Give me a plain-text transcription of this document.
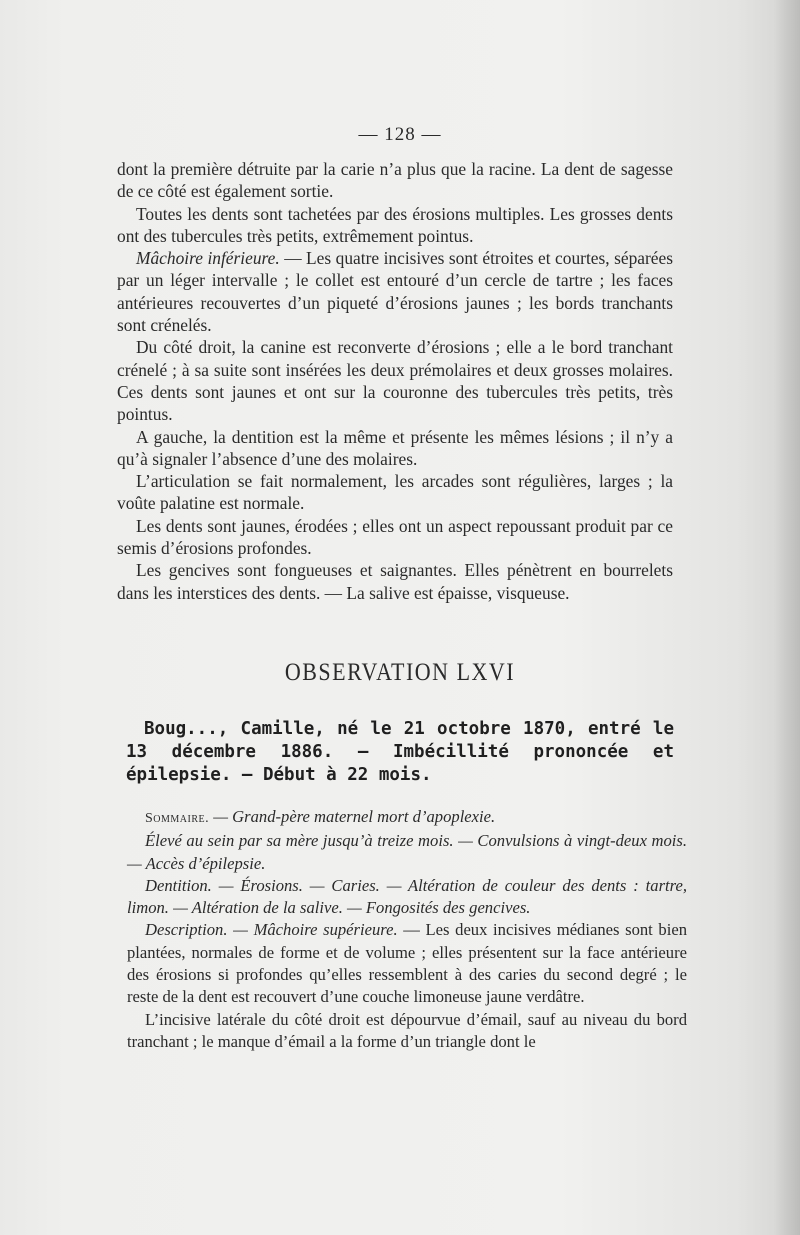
— 128 —

dont la première détruite par la carie n’a plus que la racine. La dent de sagesse de ce côté est également sortie.

Toutes les dents sont tachetées par des érosions multiples. Les grosses dents ont des tubercules très petits, extrêmement pointus.

Mâchoire inférieure. — Les quatre incisives sont étroites et courtes, séparées par un léger intervalle ; le collet est entouré d’un cercle de tartre ; les faces antérieures recouvertes d’un piqueté d’érosions jaunes ; les bords tranchants sont crénelés.

Du côté droit, la canine est reconverte d’érosions ; elle a le bord tranchant crénelé ; à sa suite sont insérées les deux prémolaires et deux grosses molaires. Ces dents sont jaunes et ont sur la couronne des tubercules très petits, très pointus.

A gauche, la dentition est la même et présente les mêmes lésions ; il n’y a qu’à signaler l’absence d’une des molaires.

L’articulation se fait normalement, les arcades sont régulières, larges ; la voûte palatine est normale.

Les dents sont jaunes, érodées ; elles ont un aspect repoussant produit par ce semis d’érosions profondes.

Les gencives sont fongueuses et saignantes. Elles pénètrent en bourrelets dans les interstices des dents. — La salive est épaisse, visqueuse.

OBSERVATION LXVI
Boug..., Camille, né le 21 octobre 1870, entré le 13 décembre 1886. — Imbécillité prononcée et épilepsie. — Début à 22 mois.

Sommaire. — Grand-père maternel mort d’apoplexie.

Élevé au sein par sa mère jusqu’à treize mois. — Convulsions à vingt-deux mois. — Accès d’épilepsie.

Dentition. — Érosions. — Caries. — Altération de couleur des dents : tartre, limon. — Altération de la salive. — Fongosités des gencives.

Description. — Mâchoire supérieure. — Les deux incisives médianes sont bien plantées, normales de forme et de volume ; elles présentent sur la face antérieure des érosions si profondes qu’elles ressemblent à des caries du second degré ; le reste de la dent est recouvert d’une couche limoneuse jaune verdâtre.

L’incisive latérale du côté droit est dépourvue d’émail, sauf au niveau du bord tranchant ; le manque d’émail a la forme d’un triangle dont le
